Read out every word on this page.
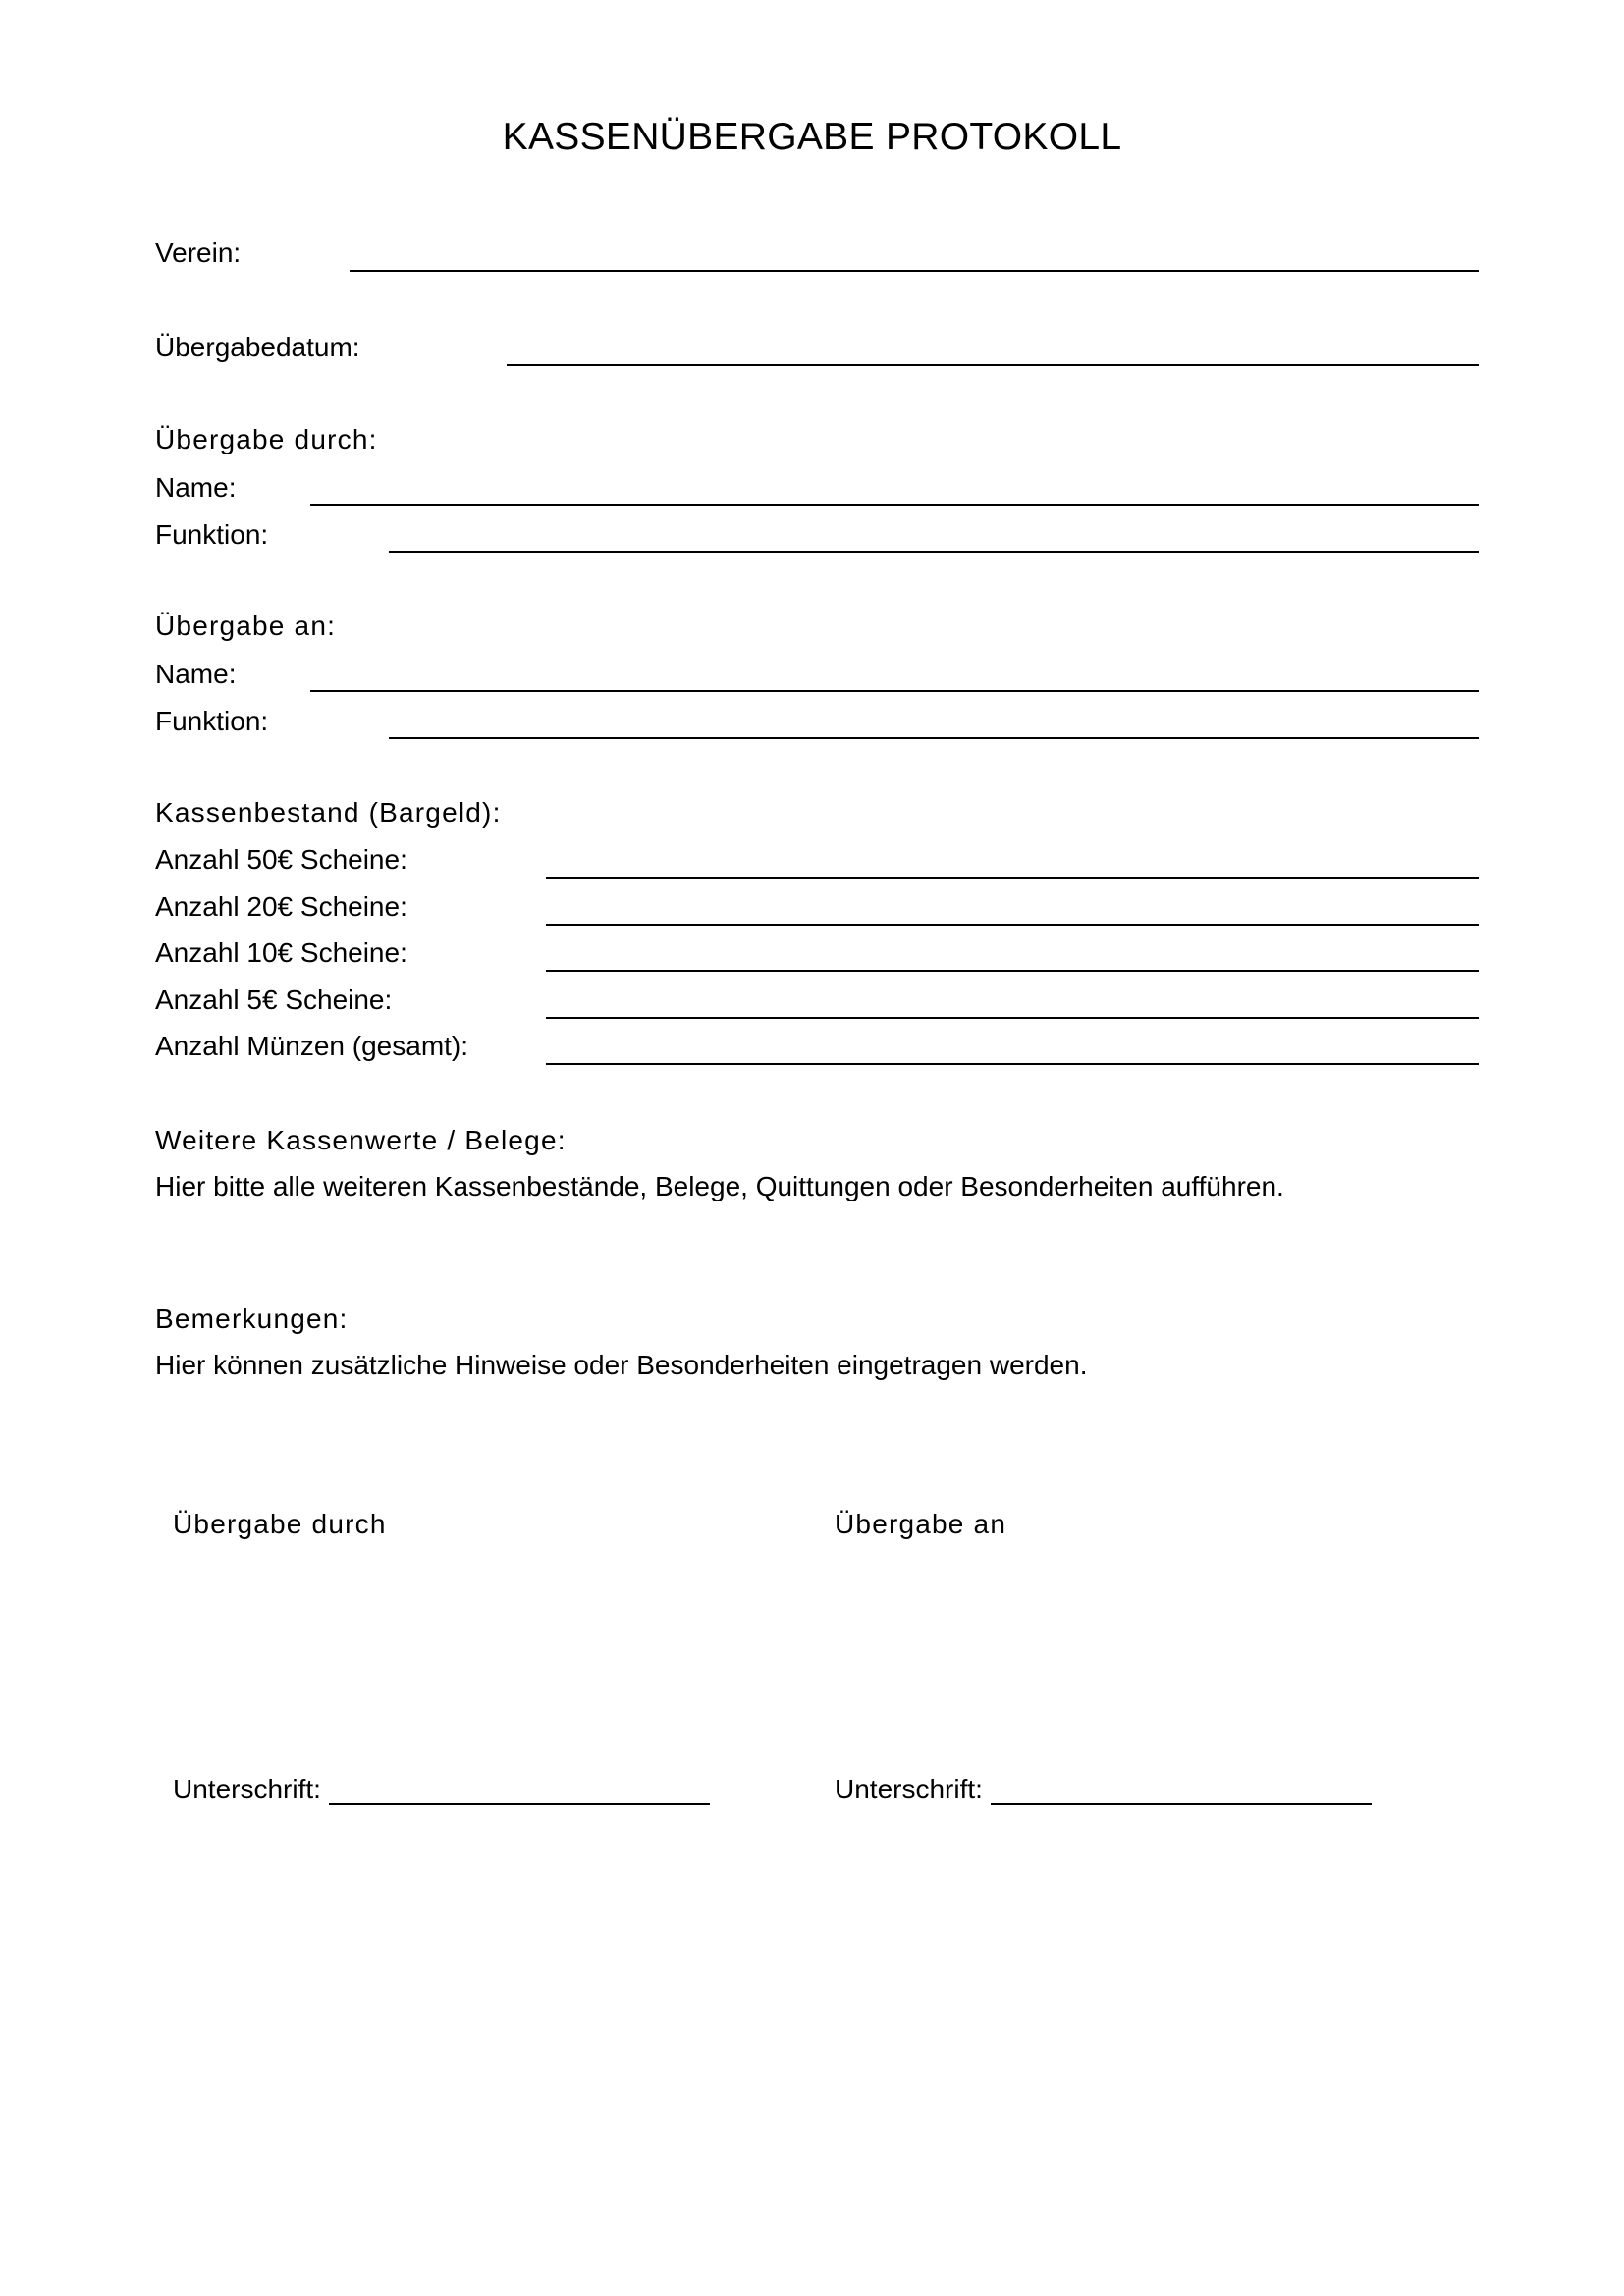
KASSENÜBERGABE PROTOKOLL
Verein:
Übergabedatum:
Übergabe durch:
Name:
Funktion:
Übergabe an:
Name:
Funktion:
Kassenbestand (Bargeld):
Anzahl 50€ Scheine:
Anzahl 20€ Scheine:
Anzahl 10€ Scheine:
Anzahl 5€ Scheine:
Anzahl Münzen (gesamt):
Weitere Kassenwerte / Belege:
Hier bitte alle weiteren Kassenbestände, Belege, Quittungen oder Besonderheiten aufführen.
Bemerkungen:
Hier können zusätzliche Hinweise oder Besonderheiten eingetragen werden.
Übergabe durch	Übergabe an
Unterschrift:	Unterschrift:
